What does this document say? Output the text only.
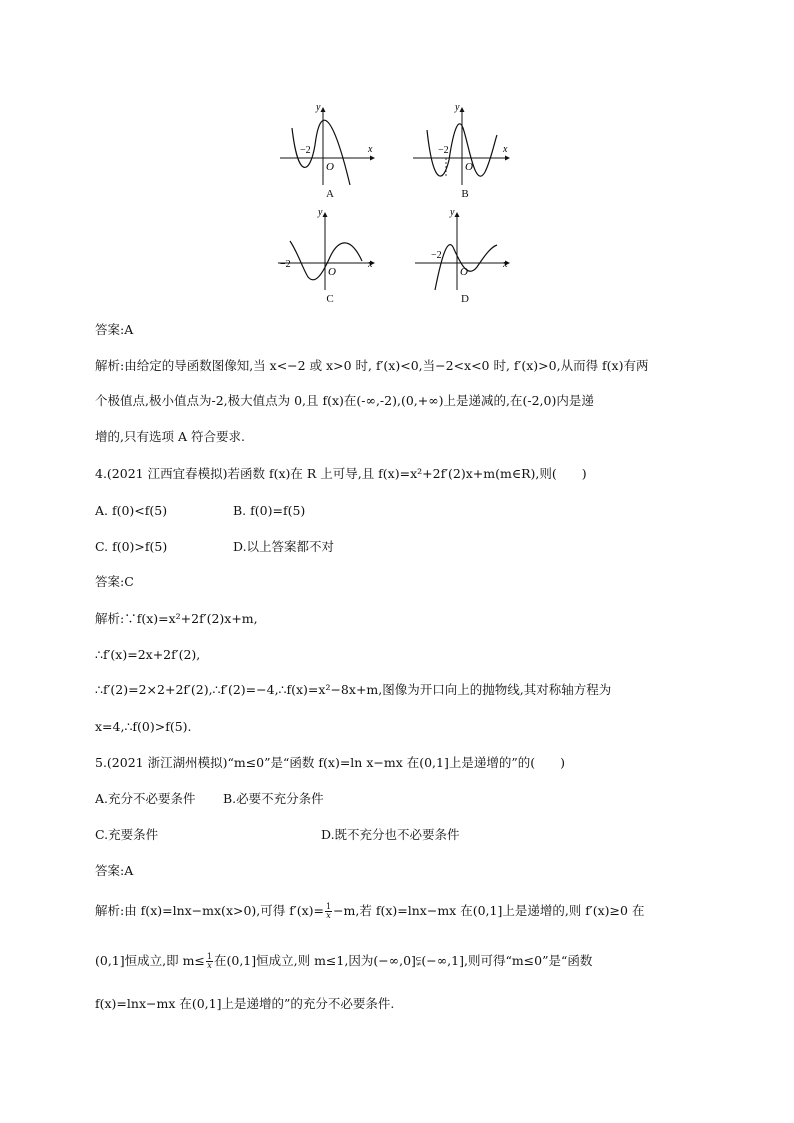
y
x
O
−2
A
y
x
O
−2
B
y
x
O
−2
C
y
x
O
−2
D
答案:A
解析:由给定的导函数图像知,当 x<−2 或 x>0 时, f′(x)<0,当−2<x<0 时, f′(x)>0,从而得 f(x)有两
个极值点,极小值点为-2,极大值点为 0,且 f(x)在(-∞,-2),(0,+∞)上是递减的,在(-2,0)内是递
增的,只有选项 A 符合要求.
4.(2021 江西宜春模拟)若函数 f(x)在 R 上可导,且 f(x)=x²+2f′(2)x+m(m∈R),则(　　)
A. f(0)<f(5)	B. f(0)=f(5)
C. f(0)>f(5)	D.以上答案都不对
答案:C
解析:∵f(x)=x²+2f′(2)x+m,
∴f′(x)=2x+2f′(2),
∴f′(2)=2×2+2f′(2),∴f′(2)=−4,∴f(x)=x²−8x+m,图像为开口向上的抛物线,其对称轴方程为
x=4,∴f(0)>f(5).
5.(2021 浙江湖州模拟)“m≤0”是“函数 f(x)=ln x−mx 在(0,1]上是递增的”的(　　)
A.充分不必要条件 B.必要不充分条件
C.充要条件	D.既不充分也不必要条件
答案:A
解析:由 f(x)=lnx−mx(x>0),可得 $f'(x)= \frac{1}{x} -m$,若 f(x)=lnx−mx 在(0,1]上是递增的,则 f′(x)≥0 在
(0,1]恒成立,即 $m\le \frac{1}{x}$ 在(0,1]恒成立,则 m≤1,因为(−∞,0]⫋(−∞,1],则可得“m≤0”是“函数
f(x)=lnx−mx 在(0,1]上是递增的”的充分不必要条件.
